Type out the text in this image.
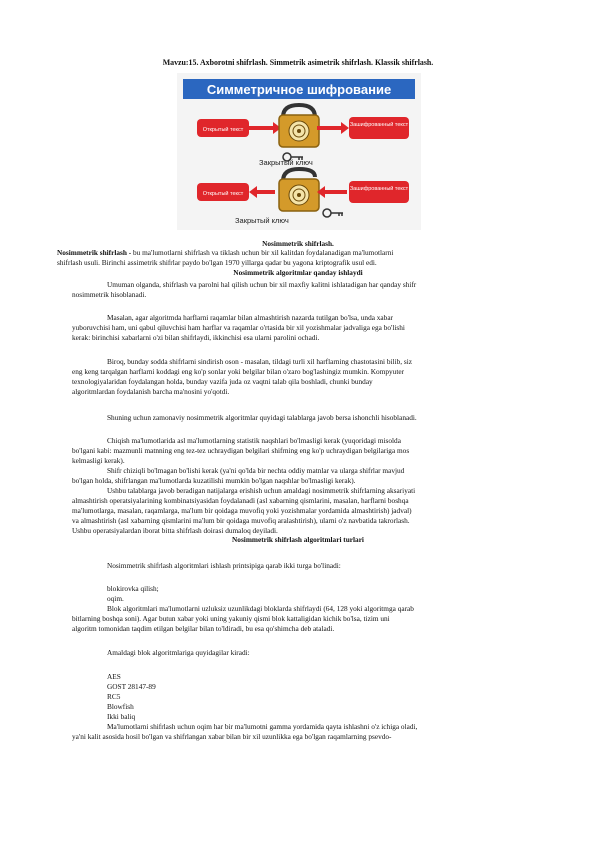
Mavzu:15. Axborotni shifrlash. Simmetrik asimetrik shifrlash. Klassik shifrlash.
Симметричное шифрование
Открытый текст
Зашифрованный текст
Закрытый ключ
Открытый текст
Зашифрованный текст
Закрытый ключ
Nosimmetrik shifrlash.
Nosimmetrik shifrlash - bu ma'lumotlarni shifrlash va tiklash uchun bir xil kalitdan foydalanadigan ma'lumotlarni
shifrlash usuli. Birinchi assimetrik shifrlar paydo bo'lgan 1970 yillarga qadar bu yagona kriptografik usul edi.
Nosimmetrik algoritmlar qanday ishlaydi
Umuman olganda, shifrlash va parolni hal qilish uchun bir xil maxfiy kalitni ishlatadigan har qanday shifr
nosimmetrik hisoblanadi.
Masalan, agar algoritmda harflarni raqamlar bilan almashtirish nazarda tutilgan bo'lsa, unda xabar
yuboruvchisi ham, uni qabul qiluvchisi ham harflar va raqamlar o'rtasida bir xil yozishmalar jadvaliga ega bo'lishi
kerak: birinchisi xabarlarni o'zi bilan shifrlaydi, ikkinchisi esa ularni parolini ochadi.
Biroq, bunday sodda shifrlarni sindirish oson - masalan, tildagi turli xil harflarning chastotasini bilib, siz
eng keng tarqalgan harflarni koddagi eng ko'p sonlar yoki belgilar bilan o'zaro bog'lashingiz mumkin. Kompyuter
texnologiyalaridan foydalangan holda, bunday vazifa juda oz vaqtni talab qila boshladi, chunki bunday
algoritmlardan foydalanish barcha ma'nosini yo'qotdi.
Shuning uchun zamonaviy nosimmetrik algoritmlar quyidagi talablarga javob bersa ishonchli hisoblanadi.
Chiqish ma'lumotlarida asl ma'lumotlarning statistik naqshlari bo'lmasligi kerak (yuqoridagi misolda
bo'lgani kabi: mazmunli matnning eng tez-tez uchraydigan belgilari shifrning eng ko'p uchraydigan belgilariga mos
kelmasligi kerak).
Shifr chiziqli bo'lmagan bo'lishi kerak (ya'ni qo'lda bir nechta oddiy matnlar va ularga shifrlar mavjud
bo'lgan holda, shifrlangan ma'lumotlarda kuzatilishi mumkin bo'lgan naqshlar bo'lmasligi kerak).
Ushbu talablarga javob beradigan natijalarga erishish uchun amaldagi nosimmetrik shifrlarning aksariyati
almashtirish operatsiyalarining kombinatsiyasidan foydalanadi (asl xabarning qismlarini, masalan, harflarni boshqa
ma'lumotlarga, masalan, raqamlarga, ma'lum bir qoidaga muvofiq yoki yozishmalar yordamida almashtirish) jadval)
va almashtirish (asl xabarning qismlarini ma'lum bir qoidaga muvofiq aralashtirish), ularni o'z navbatida takrorlash.
Ushbu operatsiyalardan iborat bitta shifrlash doirasi dumaloq deyiladi.
Nosimmetrik shifrlash algoritmlari turlari
Nosimmetrik shifrlash algoritmlari ishlash printsipiga qarab ikki turga bo'linadi:
blokirovka qilish;
oqim.
Blok algoritmlari ma'lumotlarni uzluksiz uzunlikdagi bloklarda shifrlaydi (64, 128 yoki algoritmga qarab
bitlarning boshqa soni). Agar butun xabar yoki uning yakuniy qismi blok kattaligidan kichik bo'lsa, tizim uni
algoritm tomonidan taqdim etilgan belgilar bilan to'ldiradi, bu esa qo'shimcha deb ataladi.
Amaldagi blok algoritmlariga quyidagilar kiradi:
AES
GOST 28147-89
RC5
Blowfish
Ikki baliq
Ma'lumotlarni shifrlash uchun oqim har bir ma'lumotni gamma yordamida qayta ishlashni o'z ichiga oladi,
ya'ni kalit asosida hosil bo'lgan va shifrlangan xabar bilan bir xil uzunlikka ega bo'lgan raqamlarning psevdo-
